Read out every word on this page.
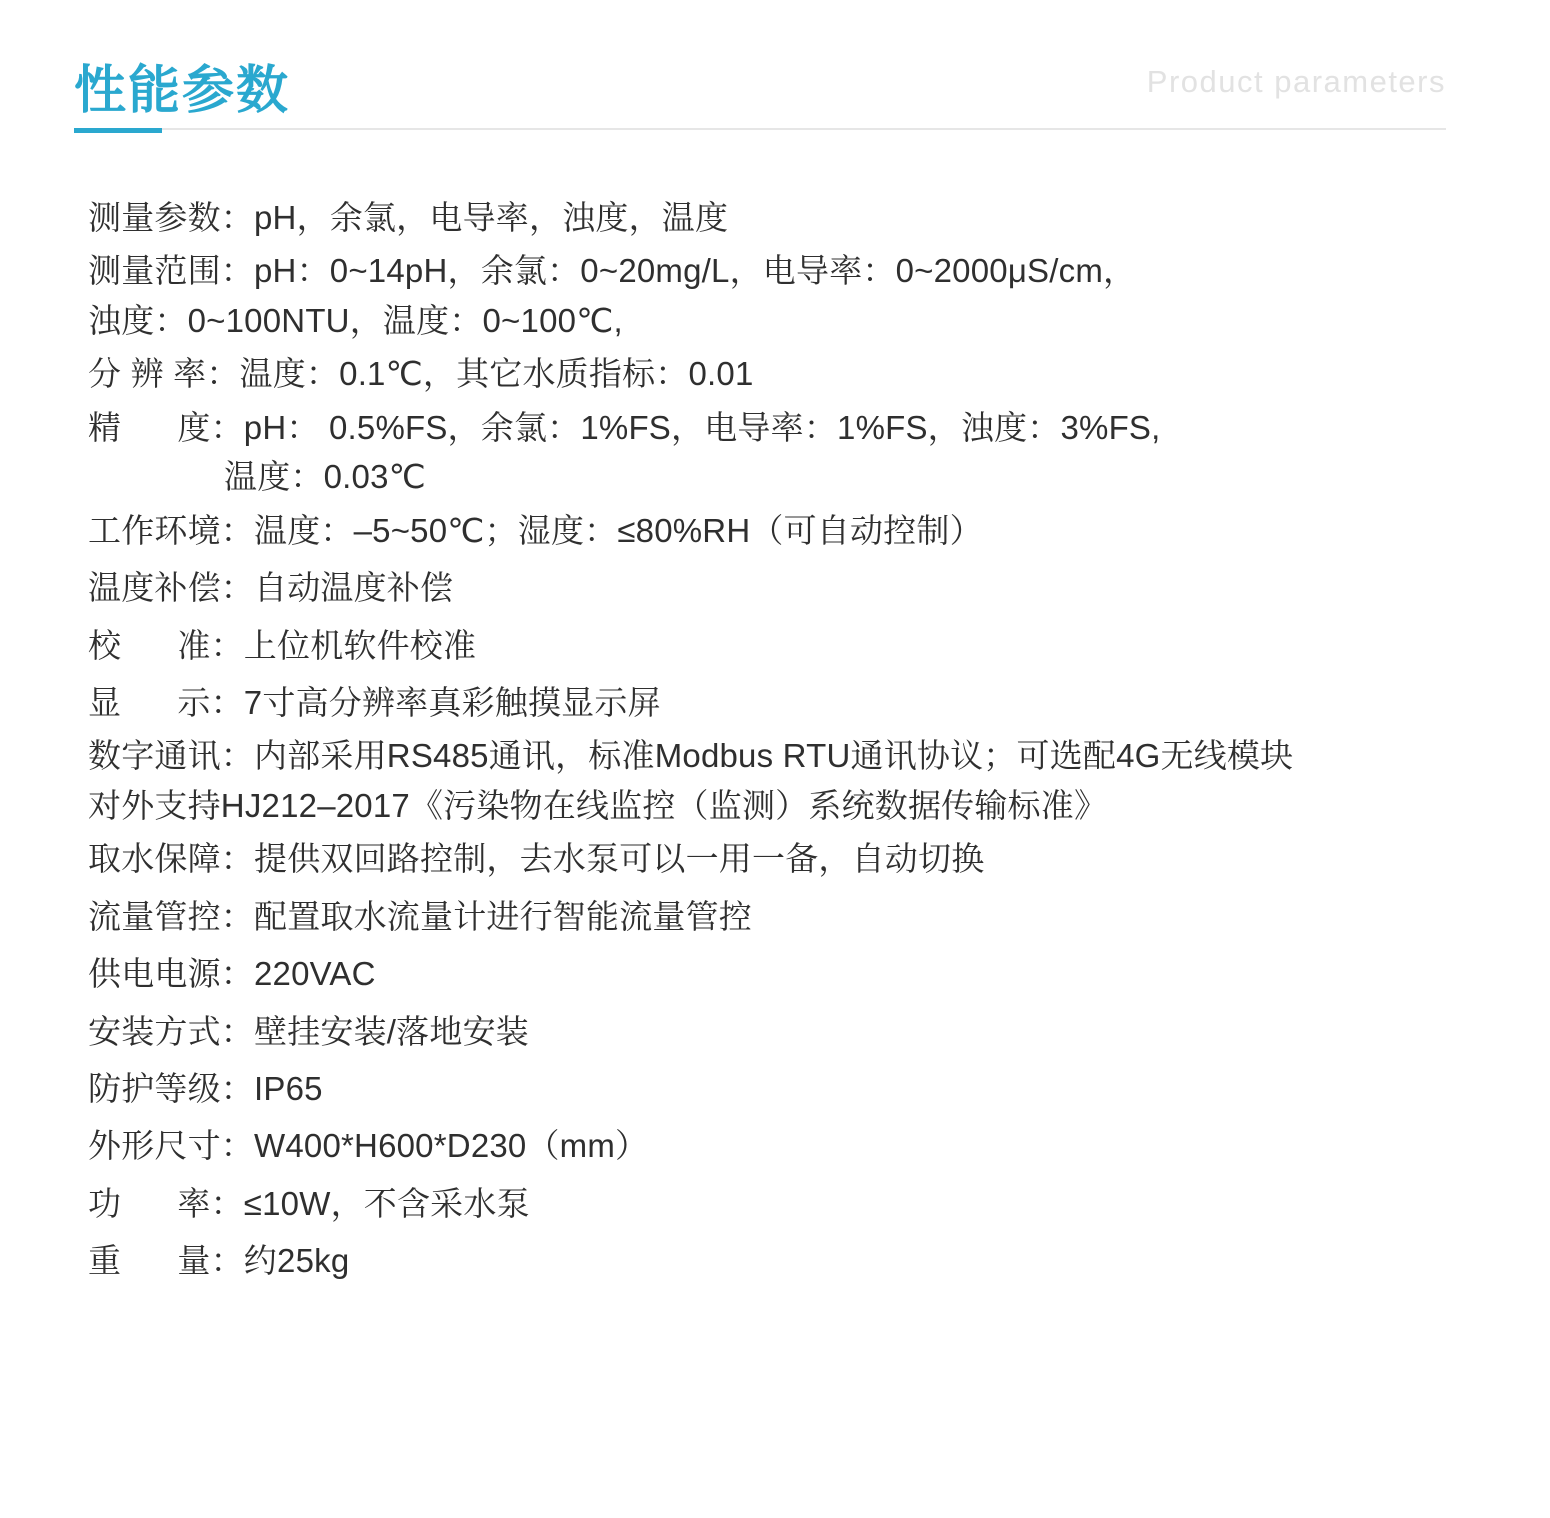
性能参数	Product parameters
测量参数：pH，余氯，电导率，浊度，温度
测量范围：pH：0~14pH，余氯：0~20mg/L，电导率：0~2000μS/cm，
浊度：0~100NTU，温度：0~100℃,
分 辨 率：温度：0.1℃，其它水质指标：0.01
精      度：pH： 0.5%FS，余氯：1%FS，电导率：1%FS，浊度：3%FS,
温度：0.03℃
工作环境：温度：–5~50℃；湿度：≤80%RH（可自动控制）
温度补偿：自动温度补偿
校      准：上位机软件校准
显      示：7寸高分辨率真彩触摸显示屏
数字通讯：内部采用RS485通讯，标准Modbus RTU通讯协议；可选配4G无线模块
对外支持HJ212–2017《污染物在线监控（监测）系统数据传输标准》
取水保障：提供双回路控制，去水泵可以一用一备，自动切换
流量管控：配置取水流量计进行智能流量管控
供电电源：220VAC
安装方式：壁挂安装/落地安装
防护等级：IP65
外形尺寸：W400*H600*D230（mm）
功      率：≤10W，不含采水泵
重      量：约25kg
